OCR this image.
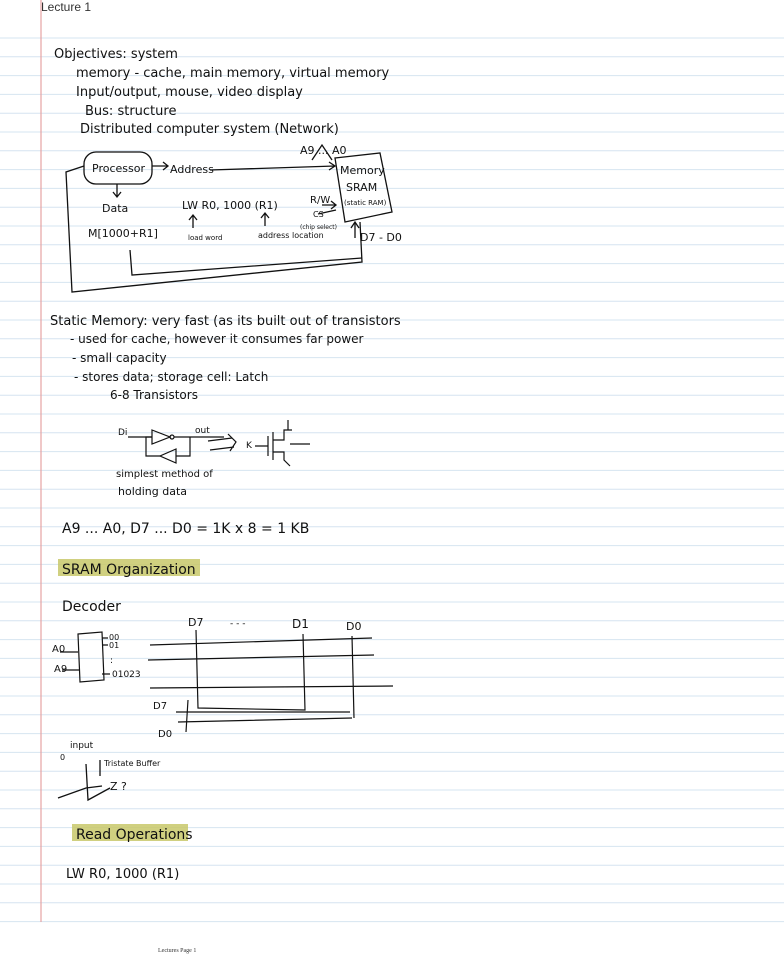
Lecture 1
Objectives: system
memory - cache, main memory, virtual memory
Input/output, mouse, video display
Bus: structure
Distributed computer system (Network)
Processor Address
A9 ... A0
Memory
SRAM
(static RAM)
R/W
CS
(chip select)
D7 - D0
Data
M[1000+R1]
LW R0, 1000 (R1)
load word	address location
Static Memory: very fast (as its built out of transistors
- used for cache, however it consumes far power
- small capacity
- stores data; storage cell: Latch
6-8 Transistors
Di	out
K
simplest method of
holding data
A9 ... A0, D7 ... D0 = 1K x 8 = 1 KB
SRAM Organization
Decoder
A0
A9
00
01
:
01023
D7	- - -	D1	D0
D7
D0
0
input
Tristate Buffer
Z ?
Read Operations
LW R0, 1000 (R1)
Lectures Page 1
